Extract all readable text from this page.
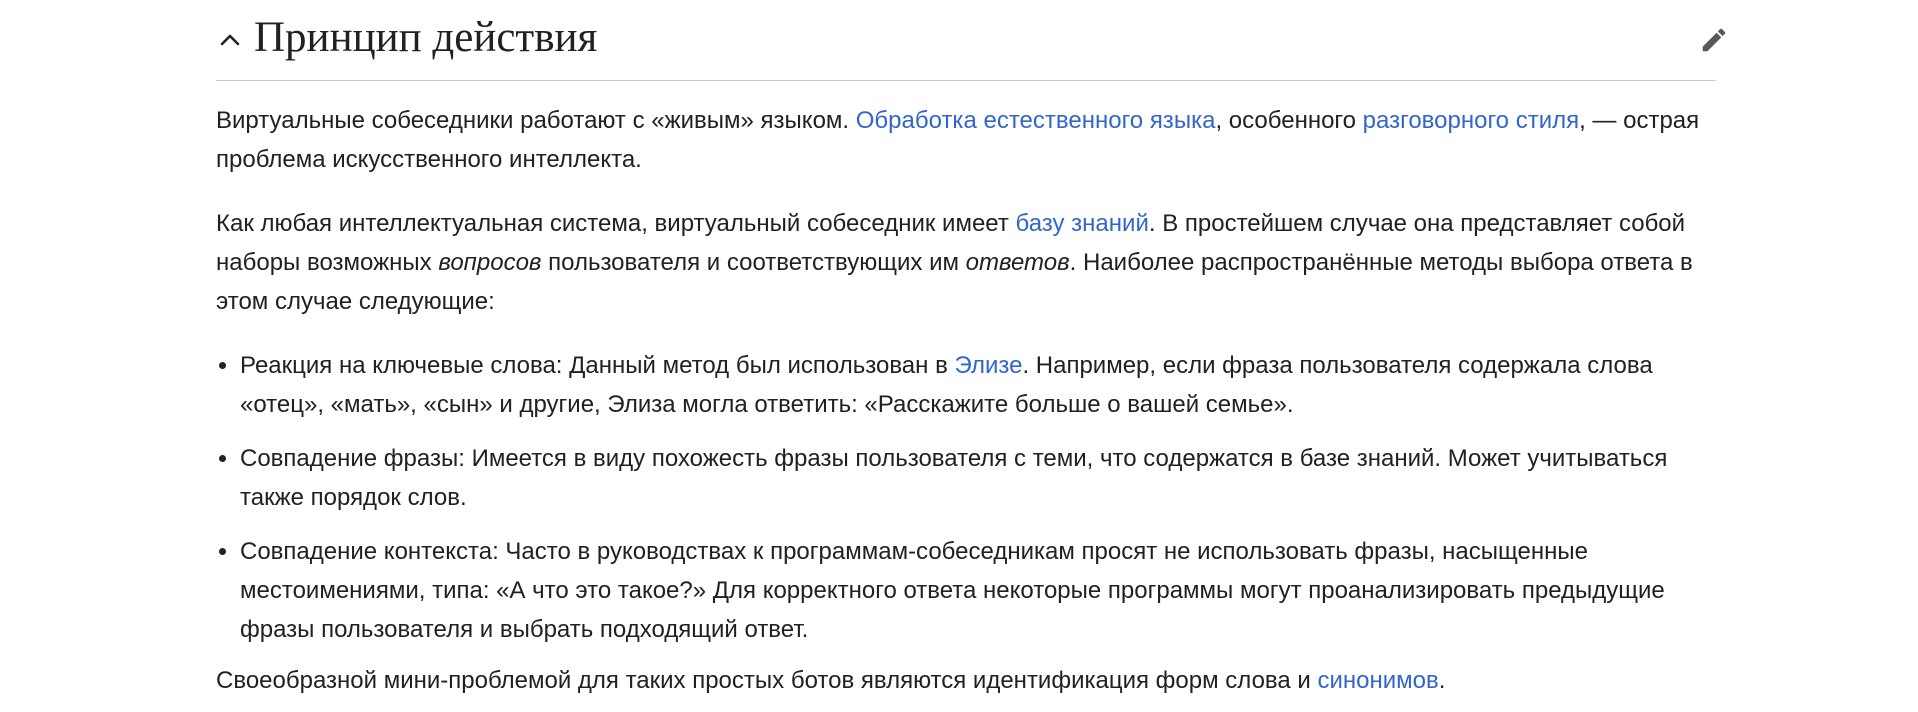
Принцип действия

Виртуальные собеседники работают с «живым» языком. Обработка естественного языка, особенного разговорного стиля, — острая проблема искусственного интеллекта.

Как любая интеллектуальная система, виртуальный собеседник имеет базу знаний. В простейшем случае она представляет собой наборы возможных вопросов пользователя и соответствующих им ответов. Наиболее распространённые методы выбора ответа в этом случае следующие:

• Реакция на ключевые слова: Данный метод был использован в Элизе. Например, если фраза пользователя содержала слова «отец», «мать», «сын» и другие, Элиза могла ответить: «Расскажите больше о вашей семье».
• Совпадение фразы: Имеется в виду похожесть фразы пользователя с теми, что содержатся в базе знаний. Может учитываться также порядок слов.
• Совпадение контекста: Часто в руководствах к программам-собеседникам просят не использовать фразы, насыщенные местоимениями, типа: «А что это такое?» Для корректного ответа некоторые программы могут проанализировать предыдущие фразы пользователя и выбрать подходящий ответ.

Своеобразной мини-проблемой для таких простых ботов являются идентификация форм слова и синонимов.
